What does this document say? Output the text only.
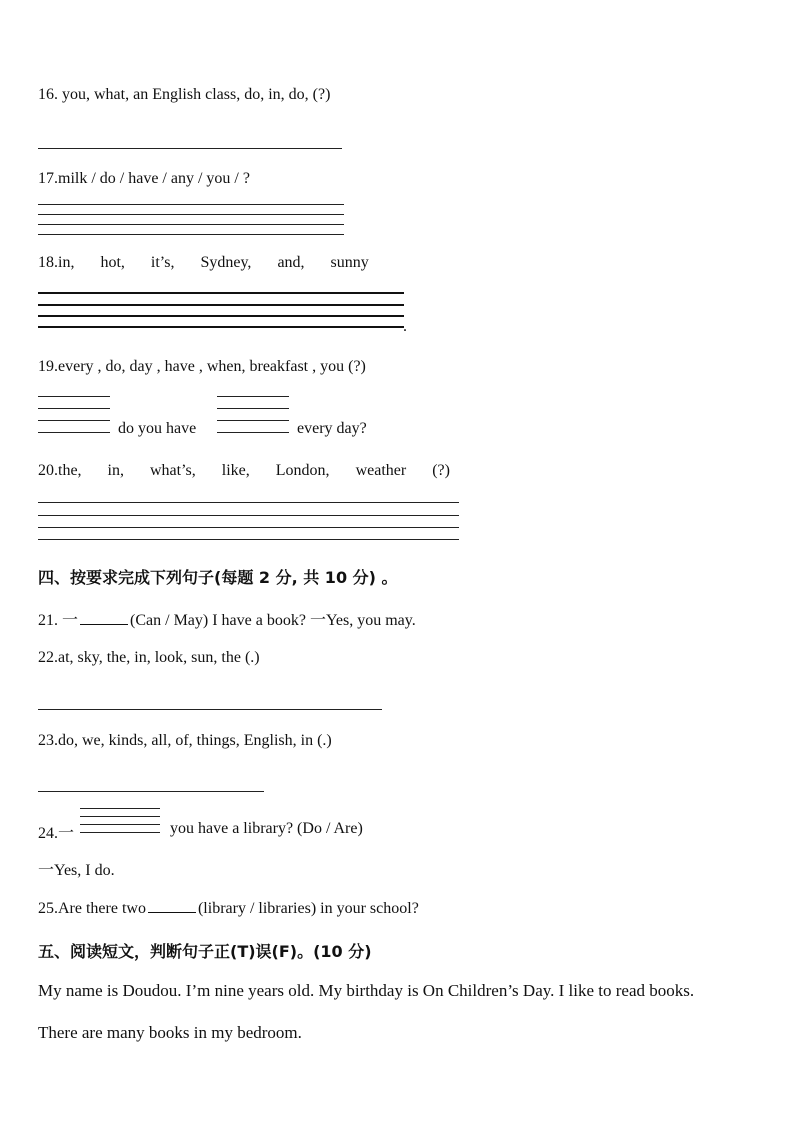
16. you, what, an English class, do, in, do, (?)
17.milk / do / have / any / you / ?
18.in, hot, it’s, Sydney, and, sunny
.
19.every , do, day , have , when, breakfast , you (?)
do you have	every day?
20.the, in, what’s, like, London, weather (?)
四、按要求完成下列句子(每题 2 分, 共 10 分) 。
21. 一	(Can / May) I have a book? 一Yes, you may.
22.at, sky, the, in, look, sun, the (.)
23.do, we, kinds, all, of, things, English, in (.)
24.一	you have a library? (Do / Are)
一Yes, I do.
25.Are there two	(library / libraries) in your school?
五、阅读短文，判断句子正(T)误(F)。(10 分)
My name is Doudou. I’m nine years old. My birthday is On Children’s Day. I like to read books.
There are many books in my bedroom.
